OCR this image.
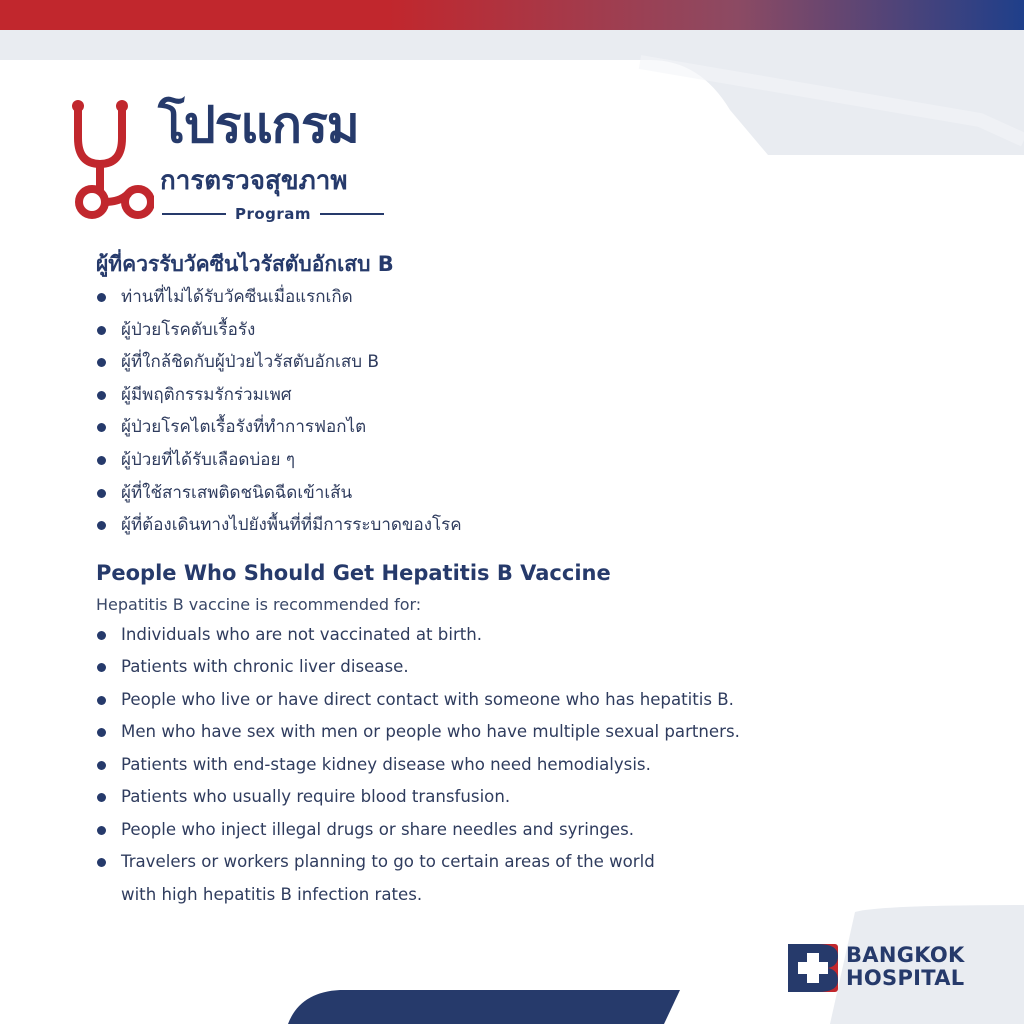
โปรแกรม
การตรวจสุขภาพ
Program
ผู้ที่ควรรับวัคซีนไวรัสตับอักเสบ B
ท่านที่ไม่ได้รับวัคซีนเมื่อแรกเกิด
ผู้ป่วยโรคตับเรื้อรัง
ผู้ที่ใกล้ชิดกับผู้ป่วยไวรัสตับอักเสบ B
ผู้มีพฤติกรรมรักร่วมเพศ
ผู้ป่วยโรคไตเรื้อรังที่ทำการฟอกไต
ผู้ป่วยที่ได้รับเลือดบ่อย ๆ
ผู้ที่ใช้สารเสพติดชนิดฉีดเข้าเส้น
ผู้ที่ต้องเดินทางไปยังพื้นที่ที่มีการระบาดของโรค
People Who Should Get Hepatitis B Vaccine
Hepatitis B vaccine is recommended for:
Individuals who are not vaccinated at birth.
Patients with chronic liver disease.
People who live or have direct contact with someone who has hepatitis B.
Men who have sex with men or people who have multiple sexual partners.
Patients with end-stage kidney disease who need hemodialysis.
Patients who usually require blood transfusion.
People who inject illegal drugs or share needles and syringes.
Travelers or workers planning to go to certain areas of the world
with high hepatitis B infection rates.
BANGKOK
HOSPITAL
